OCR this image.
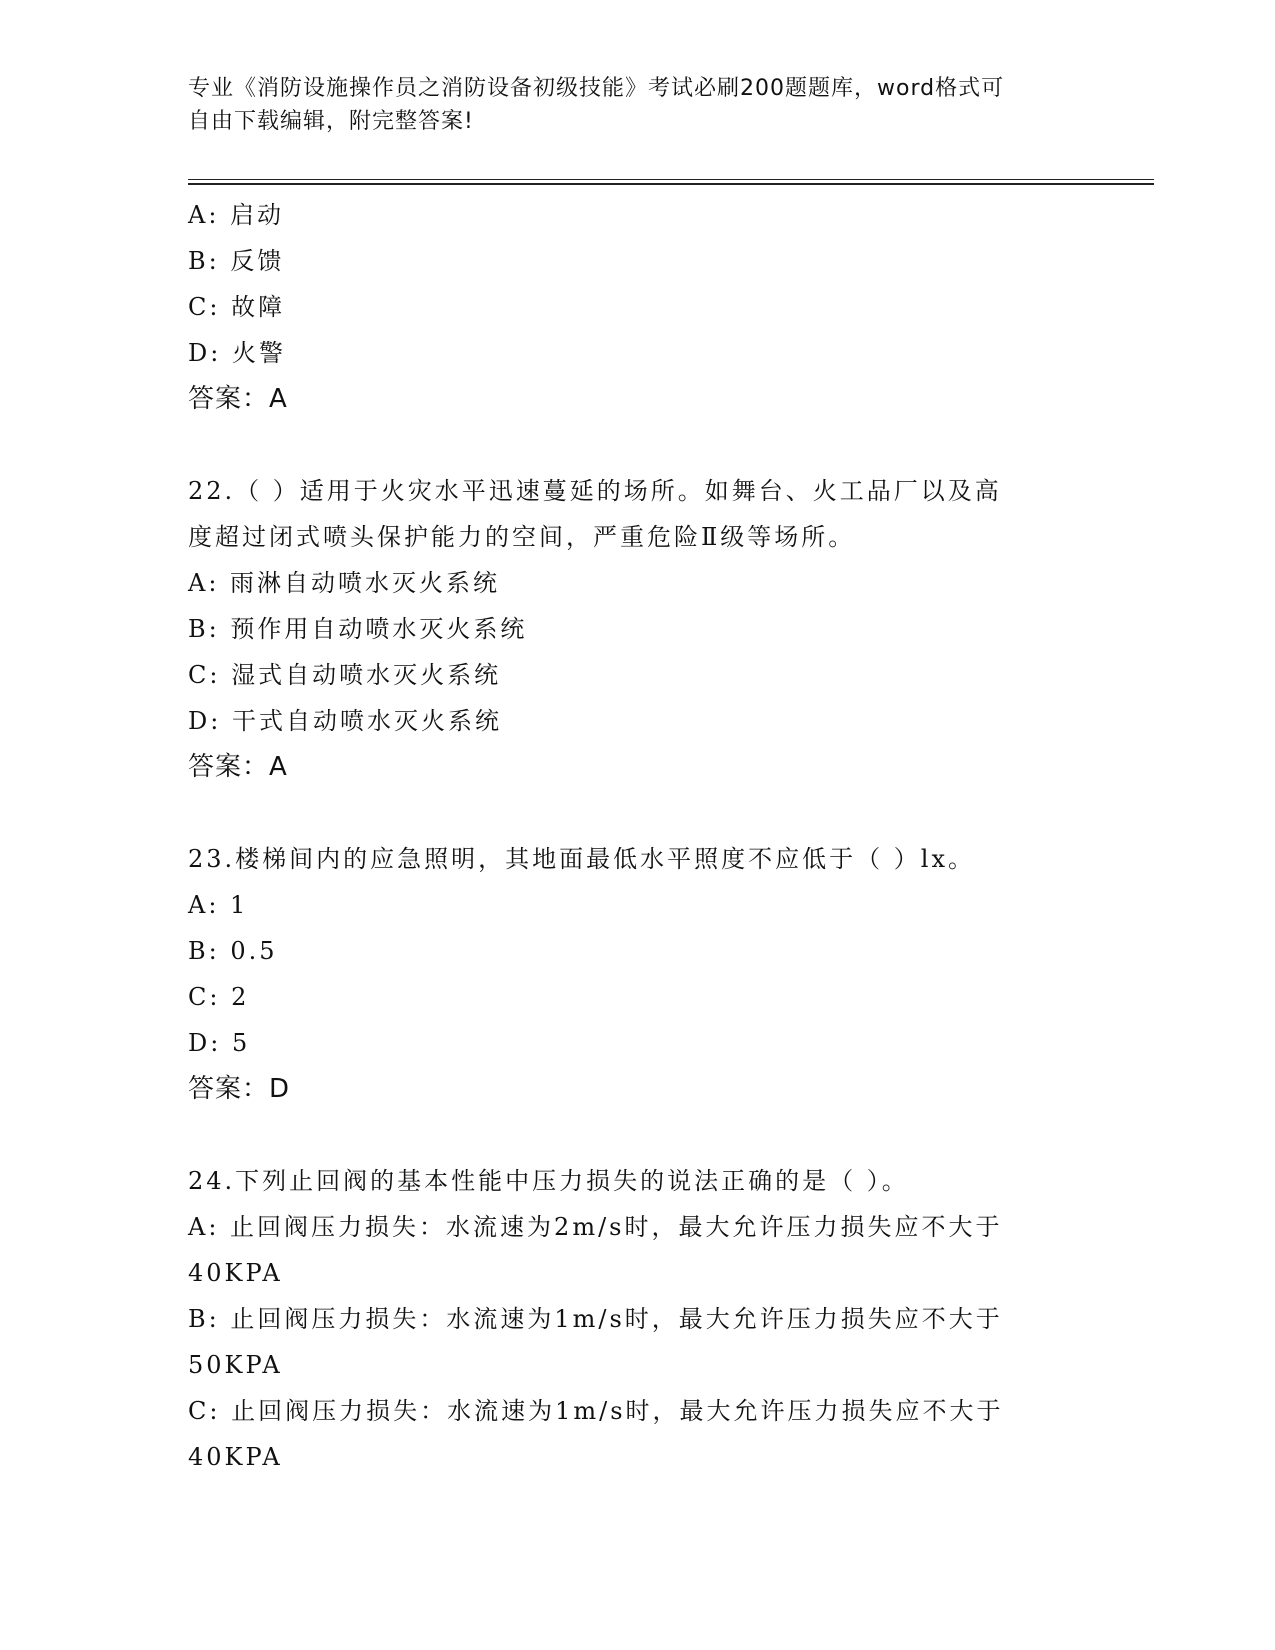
专业《消防设施操作员之消防设备初级技能》考试必刷200题题库，word格式可
自由下载编辑，附完整答案!
A: 启动
B: 反馈
C: 故障
D: 火警
答案：A
22.（ ）适用于火灾水平迅速蔓延的场所。如舞台、火工品厂以及高
度超过闭式喷头保护能力的空间，严重危险Ⅱ级等场所。
A: 雨淋自动喷水灭火系统
B: 预作用自动喷水灭火系统
C: 湿式自动喷水灭火系统
D: 干式自动喷水灭火系统
答案：A
23.楼梯间内的应急照明，其地面最低水平照度不应低于（ ）lx。
A: 1
B: 0.5
C: 2
D: 5
答案：D
24.下列止回阀的基本性能中压力损失的说法正确的是（ ）。
A: 止回阀压力损失：水流速为2m/s时，最大允许压力损失应不大于
40KPA
B: 止回阀压力损失：水流速为1m/s时，最大允许压力损失应不大于
50KPA
C: 止回阀压力损失：水流速为1m/s时，最大允许压力损失应不大于
40KPA
